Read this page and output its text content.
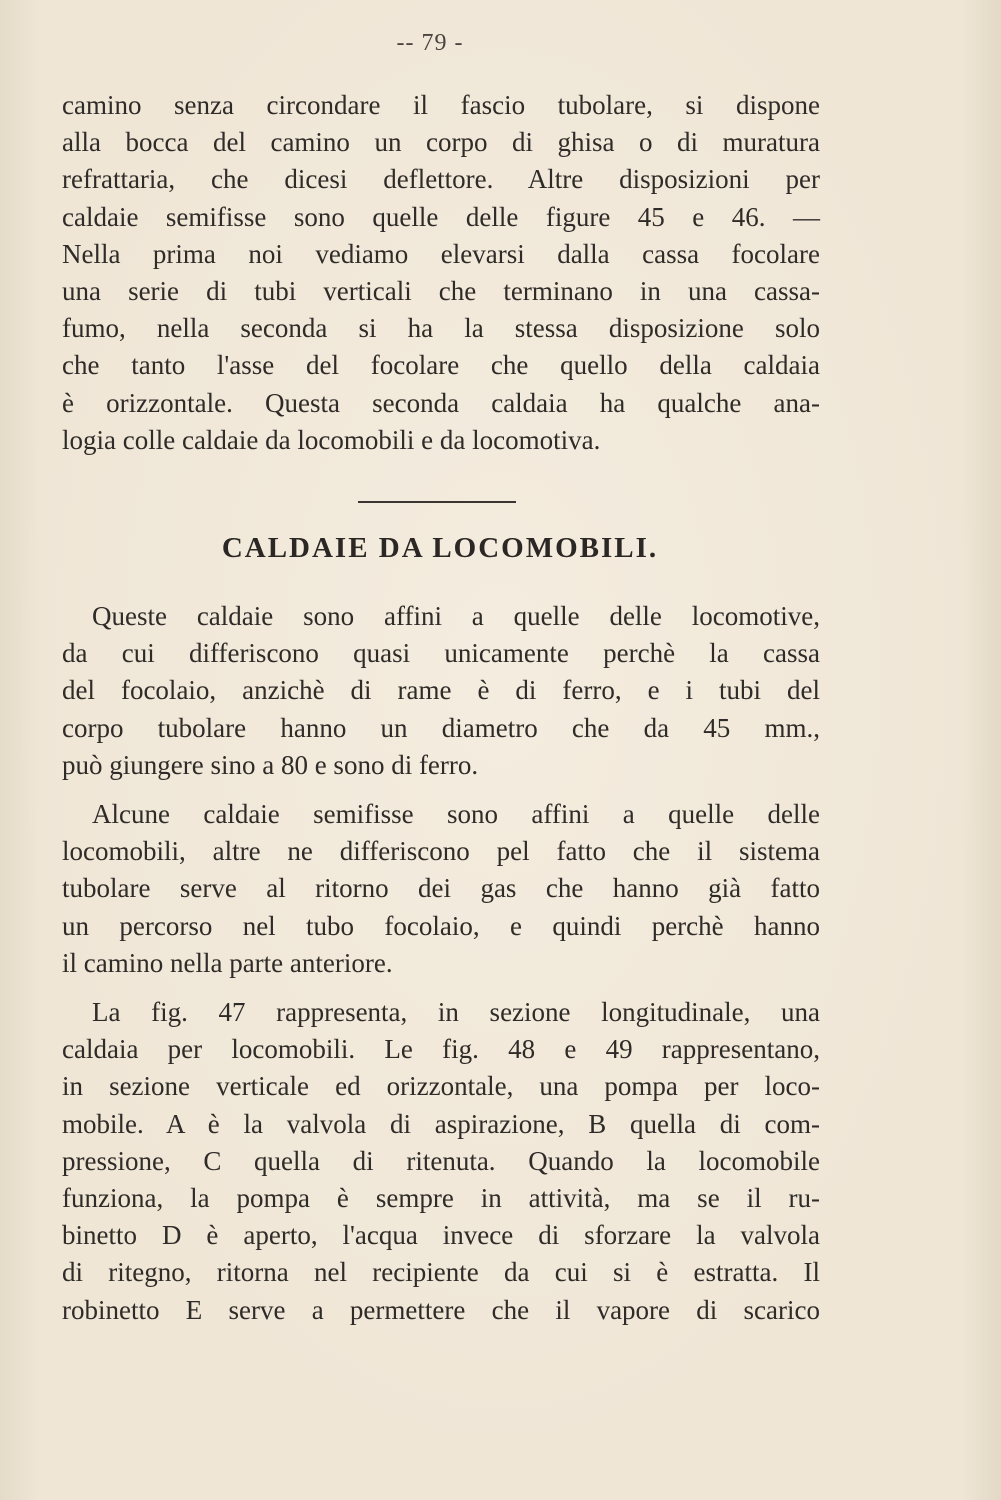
-- 79 -
camino senza circondare il fascio tubolare, si dispone
alla bocca del camino un corpo di ghisa o di muratura
refrattaria, che dicesi deflettore. Altre disposizioni per
caldaie semifisse sono quelle delle figure 45 e 46. —
Nella prima noi vediamo elevarsi dalla cassa focolare
una serie di tubi verticali che terminano in una cassa-
fumo, nella seconda si ha la stessa disposizione solo
che tanto l'asse del focolare che quello della caldaia
è orizzontale. Questa seconda caldaia ha qualche ana-
logia colle caldaie da locomobili e da locomotiva.
CALDAIE DA LOCOMOBILI.
Queste caldaie sono affini a quelle delle locomotive,
da cui differiscono quasi unicamente perchè la cassa
del focolaio, anzichè di rame è di ferro, e i tubi del
corpo tubolare hanno un diametro che da 45 mm.,
può giungere sino a 80 e sono di ferro.
Alcune caldaie semifisse sono affini a quelle delle
locomobili, altre ne differiscono pel fatto che il sistema
tubolare serve al ritorno dei gas che hanno già fatto
un percorso nel tubo focolaio, e quindi perchè hanno
il camino nella parte anteriore.
La fig. 47 rappresenta, in sezione longitudinale, una
caldaia per locomobili. Le fig. 48 e 49 rappresentano,
in sezione verticale ed orizzontale, una pompa per loco-
mobile. A è la valvola di aspirazione, B quella di com-
pressione, C quella di ritenuta. Quando la locomobile
funziona, la pompa è sempre in attività, ma se il ru-
binetto D è aperto, l'acqua invece di sforzare la valvola
di ritegno, ritorna nel recipiente da cui si è estratta. Il
robinetto E serve a permettere che il vapore di scarico
